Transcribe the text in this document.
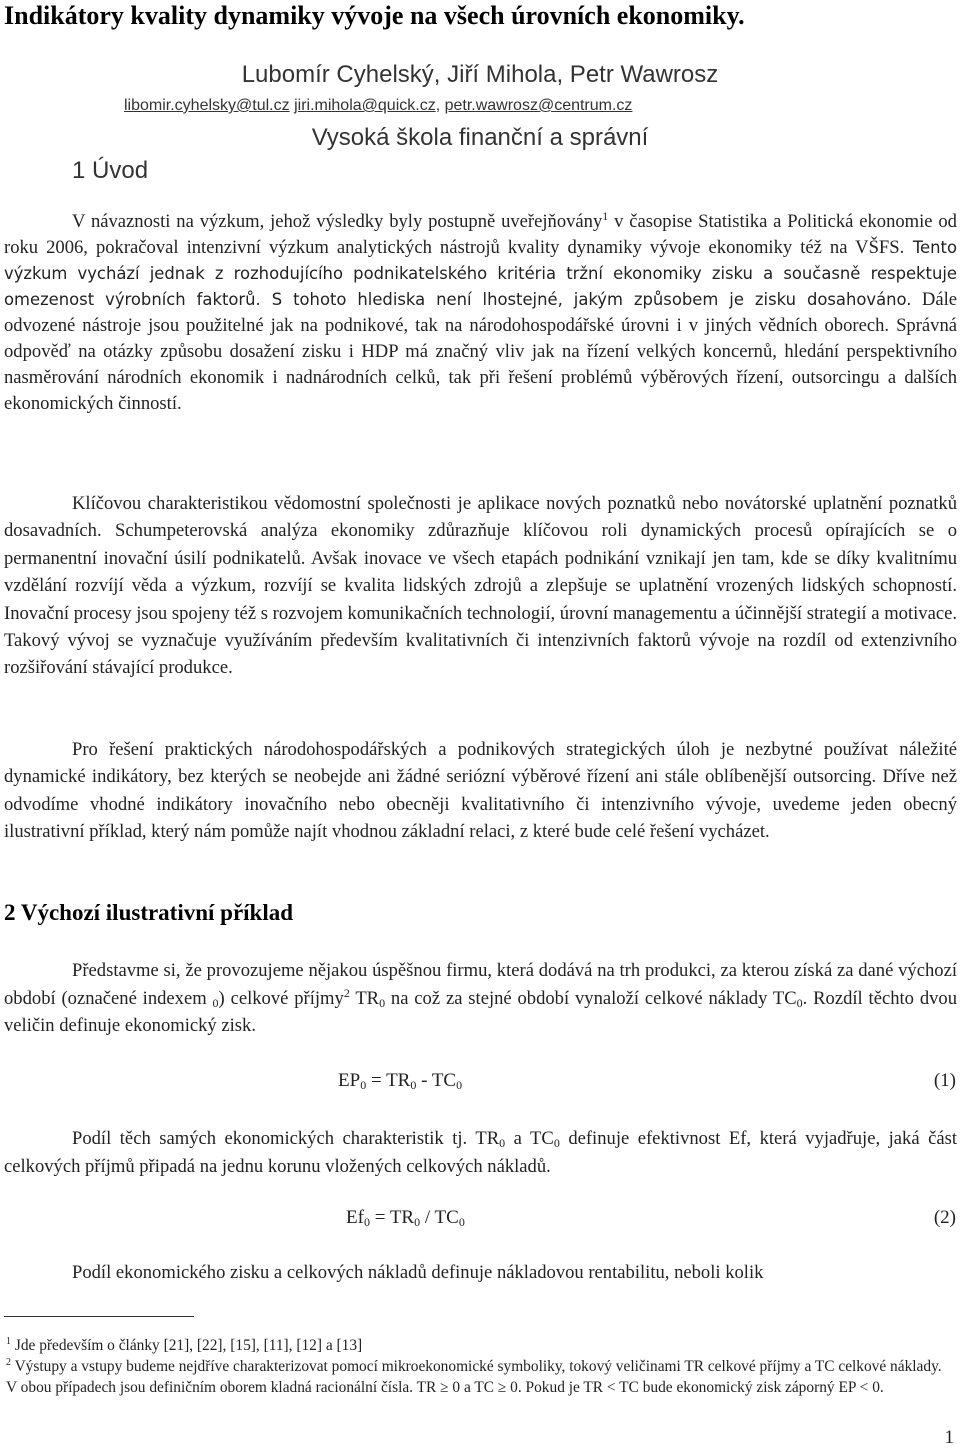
Indikátory kvality dynamiky vývoje na všech úrovních ekonomiky.
Lubomír Cyhelský, Jiří Mihola, Petr Wawrosz
libomir.cyhelsky@tul.cz jiri.mihola@quick.cz, petr.wawrosz@centrum.cz
Vysoká škola finanční a správní
1 Úvod

V návaznosti na výzkum, jehož výsledky byly postupně uveřejňovány$^1$ v časopise Statistika a Politická ekonomie od roku 2006, pokračoval intenzivní výzkum analytických nástrojů kvality dynamiky vývoje ekonomiky též na VŠFS. Tento výzkum vychází jednak z rozhodujícího podnikatelského kritéria tržní ekonomiky zisku a současně respektuje omezenost výrobních faktorů. S tohoto hlediska není lhostejné, jakým způsobem je zisku dosahováno. Dále odvozené nástroje jsou použitelné jak na podnikové, tak na národohospodářské úrovni i v jiných vědních oborech. Správná odpověď na otázky způsobu dosažení zisku i HDP má značný vliv jak na řízení velkých koncernů, hledání perspektivního nasměrování národních ekonomik i nadnárodních celků, tak při řešení problémů výběrových řízení, outsorcingu a dalších ekonomických činností.

Klíčovou charakteristikou vědomostní společnosti je aplikace nových poznatků nebo novátorské uplatnění poznatků dosavadních. Schumpeterovská analýza ekonomiky zdůrazňuje klíčovou roli dynamických procesů opírajících se o permanentní inovační úsilí podnikatelů. Avšak inovace ve všech etapách podnikání vznikají jen tam, kde se díky kvalitnímu vzdělání rozvíjí věda a výzkum, rozvíjí se kvalita lidských zdrojů a zlepšuje se uplatnění vrozených lidských schopností. Inovační procesy jsou spojeny též s rozvojem komunikačních technologií, úrovní managementu a účinnější strategií a motivace. Takový vývoj se vyznačuje využíváním především kvalitativních či intenzivních faktorů vývoje na rozdíl od extenzivního rozšiřování stávající produkce.

Pro řešení praktických národohospodářských a podnikových strategických úloh je nezbytné používat náležité dynamické indikátory, bez kterých se neobejde ani žádné seriózní výběrové řízení ani stále oblíbenější outsorcing. Dříve než odvodíme vhodné indikátory inovačního nebo obecněji kvalitativního či intenzivního vývoje, uvedeme jeden obecný ilustrativní příklad, který nám pomůže najít vhodnou základní relaci, z které bude celé řešení vycházet.

2 Výchozí ilustrativní příklad

Představme si, že provozujeme nějakou úspěšnou firmu, která dodává na trh produkci, za kterou získá za dané výchozí období (označené indexem $_0$) celkové příjmy$^2$ $TR_0$ na což za stejné období vynaloží celkové náklady $TC_0$. Rozdíl těchto dvou veličin definuje ekonomický zisk.

$EP_0 = TR_0 - TC_0$	(1)

Podíl těch samých ekonomických charakteristik tj. $TR_0$ a $TC_0$ definuje efektivnost Ef, která vyjadřuje, jaká část celkových příjmů připadá na jednu korunu vložených celkových nákladů.

$Ef_0 = TR_0 / TC_0$	(2)

Podíl ekonomického zisku a celkových nákladů definuje nákladovou rentabilitu, neboli kolik

$^1$ Jde především o články [21], [22], [15], [11], [12] a [13]
$^2$ Výstupy a vstupy budeme nejdříve charakterizovat pomocí mikroekonomické symboliky, tokový veličinami TR celkové příjmy a TC celkové náklady. V obou případech jsou definičním oborem kladná racionální čísla. TR ≥ 0 a TC ≥ 0. Pokud je TR < TC bude ekonomický zisk záporný EP < 0.
1
